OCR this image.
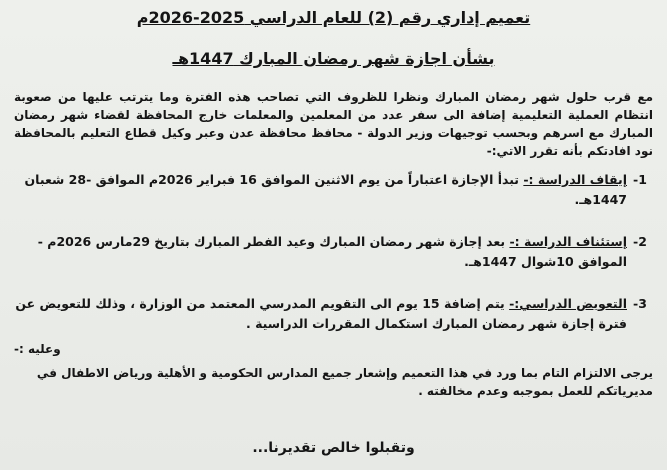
تعميم إداري رقم (2) للعام الدراسي 2025-2026م
بشأن اجازة شهر رمضان المبارك 1447هـ

مع قرب حلول شهر رمضان المبارك ونظرا للظروف التي تصاحب هذه الفترة وما يترتب عليها من صعوبة انتظام العملية التعليمية إضافة الى سفر عدد من المعلمين والمعلمات خارج المحافظة لقضاء شهر رمضان المبارك مع اسرهم وبحسب توجيهات وزير الدولة - محافظ محافظة عدن وعبر وكيل قطاع التعليم بالمحافظة نود افادتكم بأنه تقرر الاتي:-

1-
إيقاف الدراسة :- تبدأ الإجازة اعتباراً من يوم الاثنين الموافق 16 فبراير 2026م الموافق -28 شعبان 1447هـ.
2-
إستئناف الدراسة :- بعد إجازة شهر رمضان المبارك وعيد الفطر المبارك بتاريخ 29مارس 2026م - الموافق 10شوال 1447هـ.
3-
التعويض الدراسي:- يتم إضافة 15 يوم الى التقويم المدرسي المعتمد من الوزارة ، وذلك للتعويض عن فترة إجازة شهر رمضان المبارك استكمال المقررات الدراسية .

وعليه :-

يرجى الالتزام التام بما ورد في هذا التعميم وإشعار جميع المدارس الحكومية و الأهلية ورياض الاطفال في مديرياتكم للعمل بموجبه وعدم مخالفته .

وتقبلوا خالص تقديرنا...
